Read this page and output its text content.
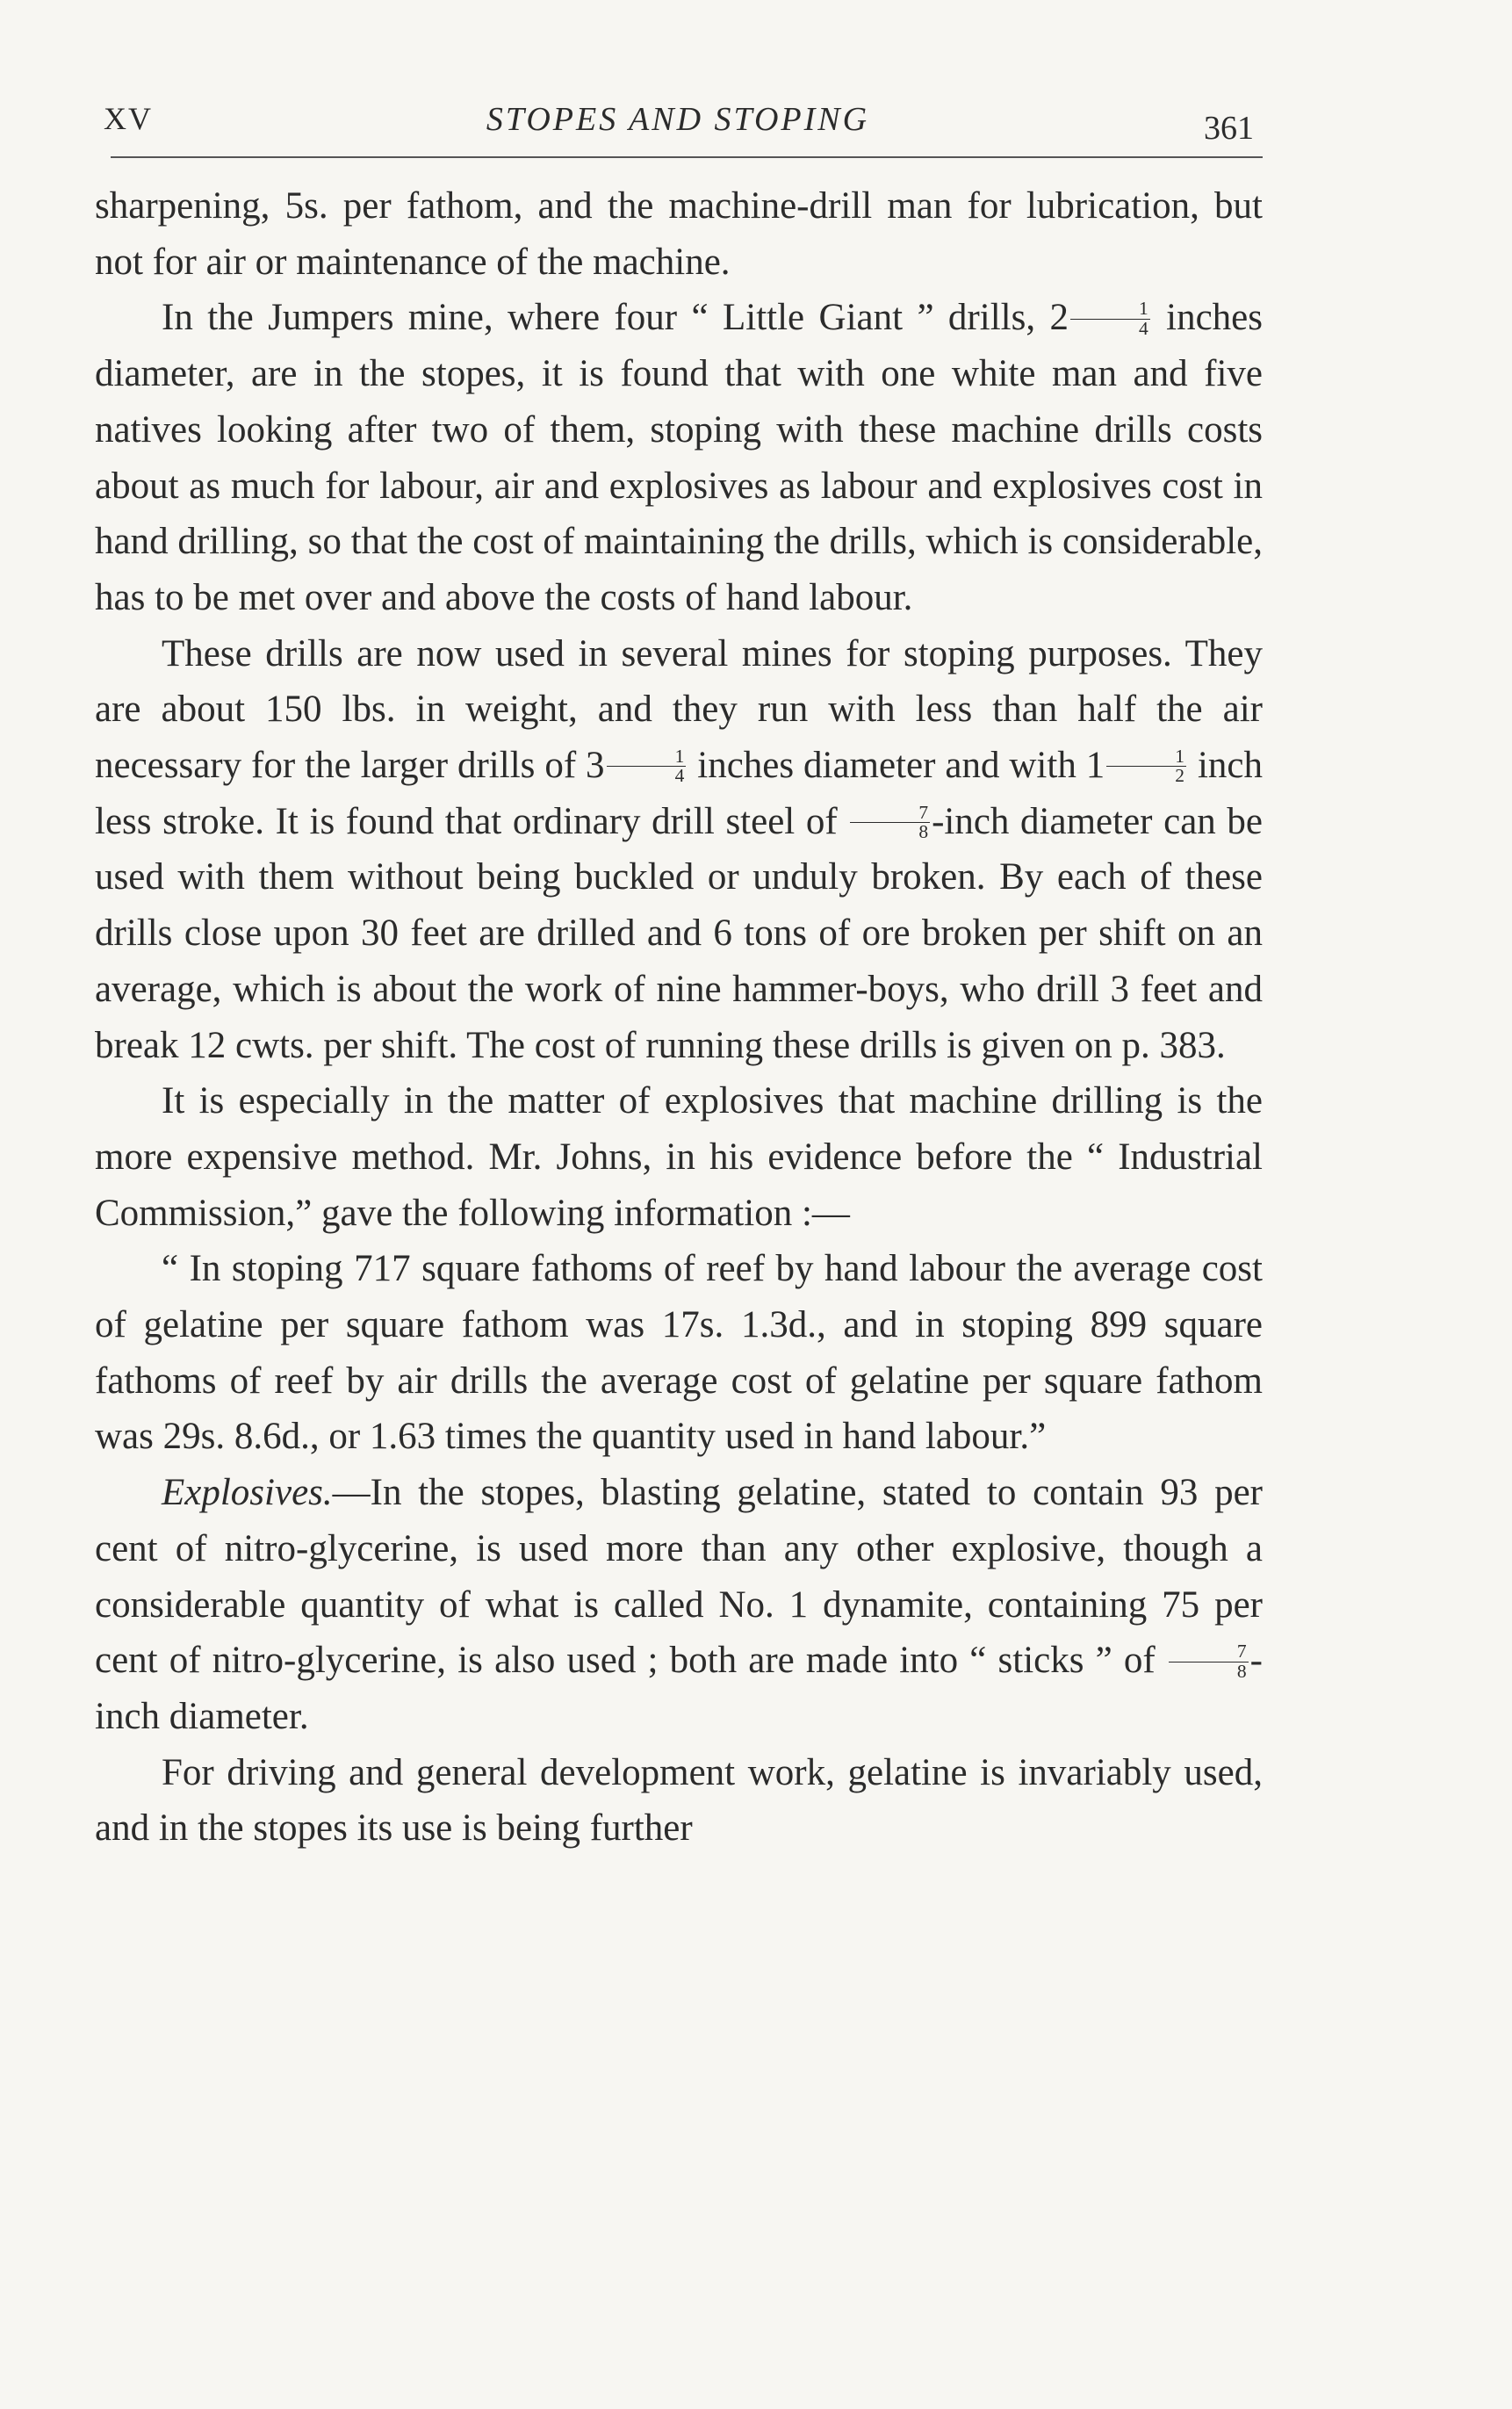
XV	STOPES AND STOPING	361

sharpening, 5s. per fathom, and the machine-drill man for lubrication, but not for air or maintenance of the machine.

In the Jumpers mine, where four “ Little Giant ” drills, $2 \frac{1}{4}$ inches diameter, are in the stopes, it is found that with one white man and five natives looking after two of them, stoping with these machine drills costs about as much for labour, air and explosives as labour and explosives cost in hand drilling, so that the cost of maintaining the drills, which is considerable, has to be met over and above the costs of hand labour.

These drills are now used in several mines for stoping purposes. They are about 150 lbs. in weight, and they run with less than half the air necessary for the larger drills of $3 \frac{1}{4}$ inches diameter and with $1 \frac{1}{2}$ inch less stroke. It is found that ordinary drill steel of $\frac{7}{8}$ -inch diameter can be used with them without being buckled or unduly broken. By each of these drills close upon 30 feet are drilled and 6 tons of ore broken per shift on an average, which is about the work of nine hammer-boys, who drill 3 feet and break 12 cwts. per shift. The cost of running these drills is given on p. 383.

It is especially in the matter of explosives that machine drilling is the more expensive method. Mr. Johns, in his evidence before the “ Industrial Commission,” gave the following information :—

“ In stoping 717 square fathoms of reef by hand labour the average cost of gelatine per square fathom was 17s. 1.3d., and in stoping 899 square fathoms of reef by air drills the average cost of gelatine per square fathom was 29s. 8.6d., or 1.63 times the quantity used in hand labour.”

Explosives.—In the stopes, blasting gelatine, stated to contain 93 per cent of nitro-glycerine, is used more than any other explosive, though a considerable quantity of what is called No. 1 dynamite, containing 75 per cent of nitro-glycerine, is also used ; both are made into “ sticks ” of $\frac{7}{8}$ -inch diameter.

For driving and general development work, gelatine is invariably used, and in the stopes its use is being further
